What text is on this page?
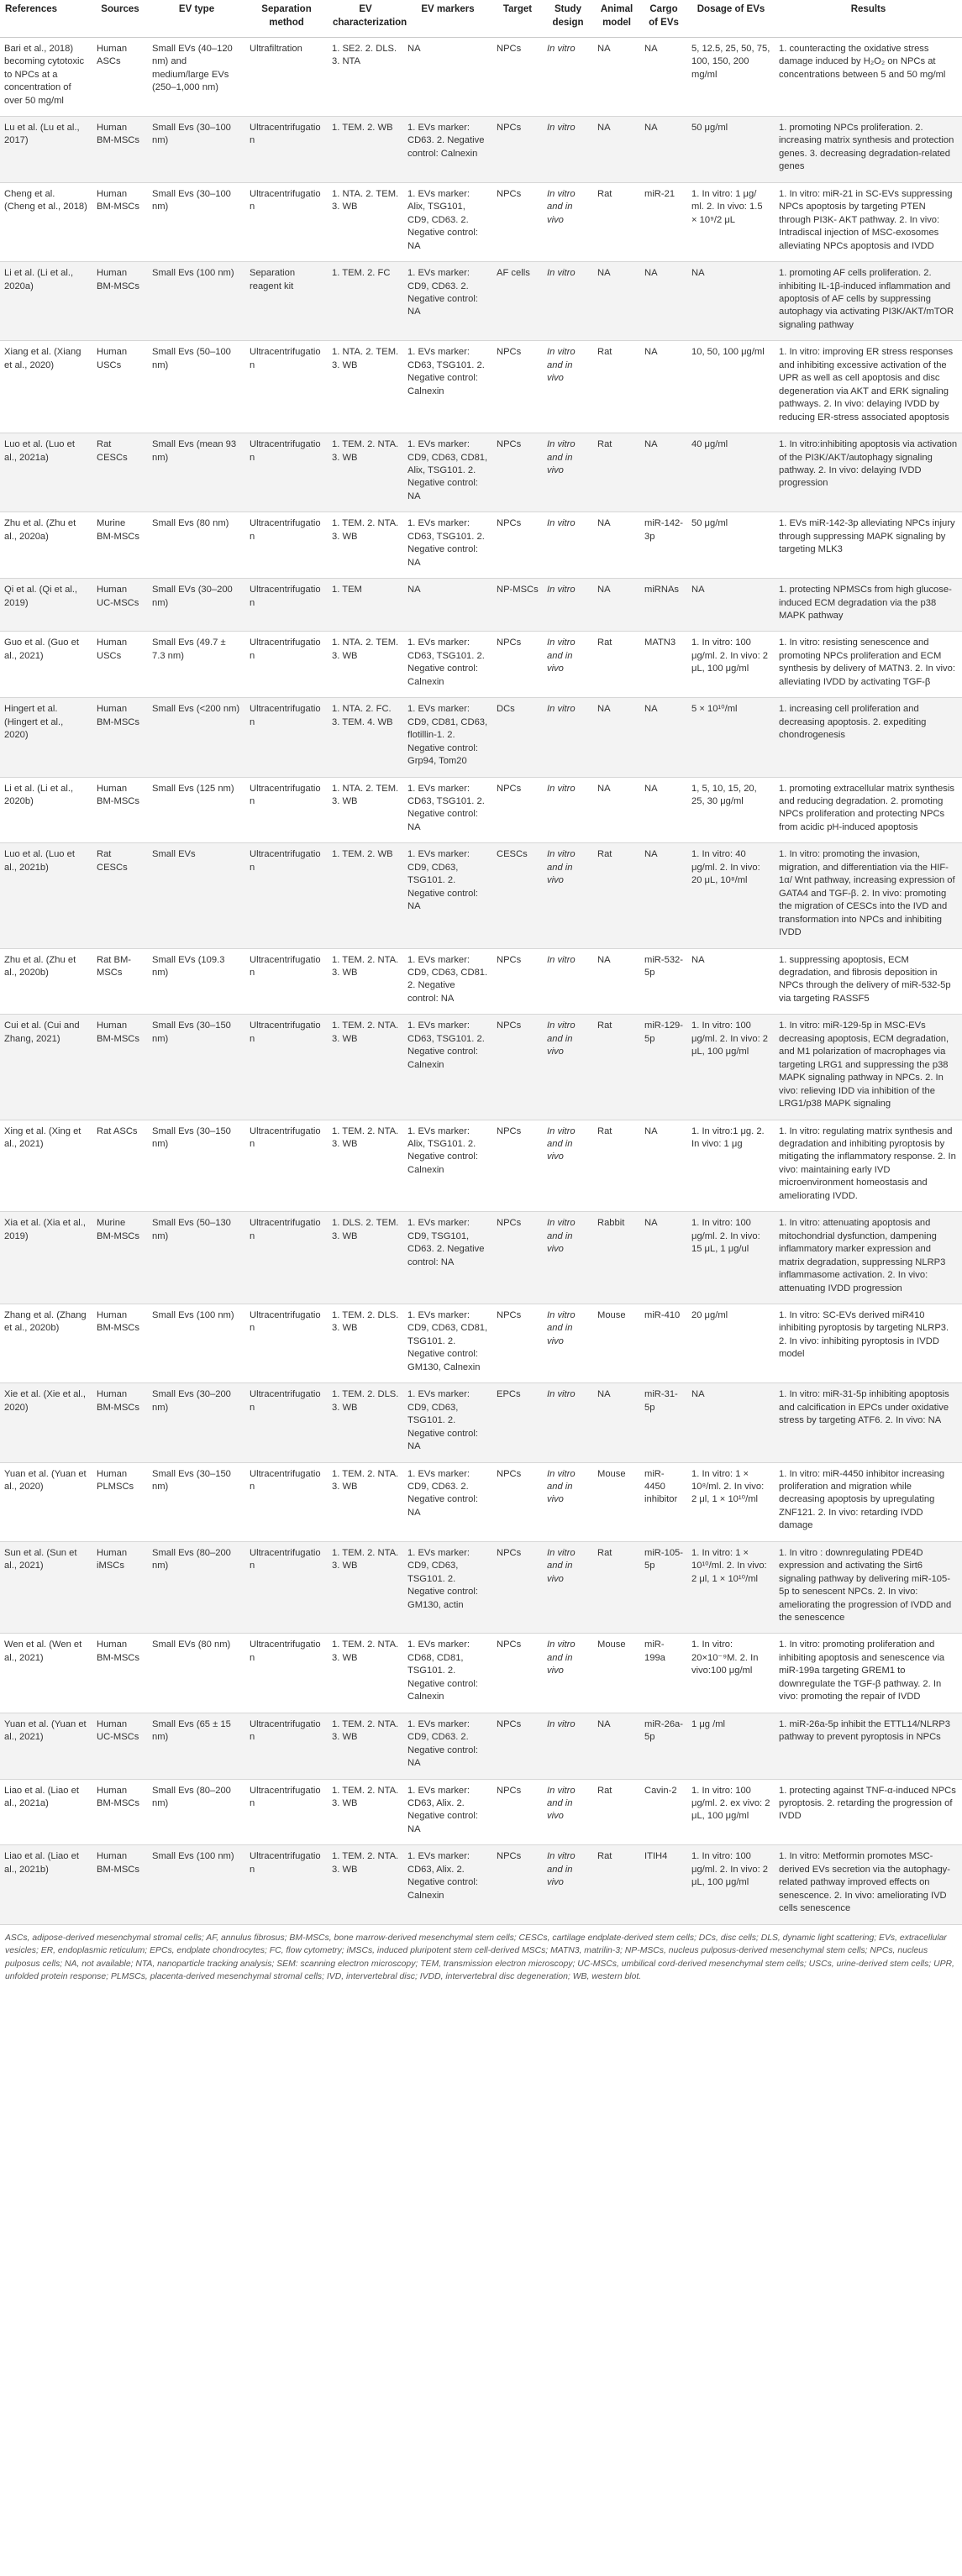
References	Sources	EV type	Separation method	EV characterization	EV markers	Target	Study design	Animal model	Cargo of EVs	Dosage of EVs	Results
Bari et al., 2018) becoming cytotoxic to NPCs at a concentration of over 50 mg/ml	Human ASCs	Small EVs (40–120 nm) and medium/large EVs (250–1,000 nm)	Ultrafiltration	1. SE2. 2. DLS. 3. NTA	NA	NPCs	In vitro	NA	NA	5, 12.5, 25, 50, 75, 100, 150, 200 mg/ml	1. counteracting the oxidative stress damage induced by H₂O₂ on NPCs at concentrations between 5 and 50 mg/ml
Lu et al. (Lu et al., 2017)	Human BM-MSCs	Small Evs (30–100 nm)	Ultracentrifugation	1. TEM. 2. WB	1. EVs marker: CD63. 2. Negative control: Calnexin	NPCs	In vitro	NA	NA	50 μg/ml	1. promoting NPCs proliferation. 2. increasing matrix synthesis and protection genes. 3. decreasing degradation-related genes
Cheng et al. (Cheng et al., 2018)	Human BM-MSCs	Small Evs (30–100 nm)	Ultracentrifugation	1. NTA. 2. TEM. 3. WB	1. EVs marker: Alix, TSG101, CD9, CD63. 2. Negative control: NA	NPCs	In vitro and in vivo	Rat	miR-21	1. In vitro: 1 μg/ ml. 2. In vivo: 1.5 × 10⁹/2 μL	1. In vitro: miR-21 in SC-EVs suppressing NPCs apoptosis by targeting PTEN through PI3K- AKT pathway. 2. In vivo: Intradiscal injection of MSC-exosomes alleviating NPCs apoptosis and IVDD
Li et al. (Li et al., 2020a)	Human BM-MSCs	Small Evs (100 nm)	Separation reagent kit	1. TEM. 2. FC	1. EVs marker: CD9, CD63. 2. Negative control: NA	AF cells	In vitro	NA	NA	NA	1. promoting AF cells proliferation. 2. inhibiting IL-1β-induced inflammation and apoptosis of AF cells by suppressing autophagy via activating PI3K/AKT/mTOR signaling pathway
Xiang et al. (Xiang et al., 2020)	Human USCs	Small Evs (50–100 nm)	Ultracentrifugation	1. NTA. 2. TEM. 3. WB	1. EVs marker: CD63, TSG101. 2. Negative control: Calnexin	NPCs	In vitro and in vivo	Rat	NA	10, 50, 100 μg/ml	1. In vitro: improving ER stress responses and inhibiting excessive activation of the UPR as well as cell apoptosis and disc degeneration via AKT and ERK signaling pathways. 2. In vivo: delaying IVDD by reducing ER-stress associated apoptosis
Luo et al. (Luo et al., 2021a)	Rat CESCs	Small Evs (mean 93 nm)	Ultracentrifugation	1. TEM. 2. NTA. 3. WB	1. EVs marker: CD9, CD63, CD81, Alix, TSG101. 2. Negative control: NA	NPCs	In vitro and in vivo	Rat	NA	40 μg/ml	1. In vitro:inhibiting apoptosis via activation of the PI3K/AKT/autophagy signaling pathway. 2. In vivo: delaying IVDD progression
Zhu et al. (Zhu et al., 2020a)	Murine BM-MSCs	Small Evs (80 nm)	Ultracentrifugation	1. TEM. 2. NTA. 3. WB	1. EVs marker: CD63, TSG101. 2. Negative control: NA	NPCs	In vitro	NA	miR-142-3p	50 μg/ml	1. EVs miR-142-3p alleviating NPCs injury through suppressing MAPK signaling by targeting MLK3
Qi et al. (Qi et al., 2019)	Human UC-MSCs	Small EVs (30–200 nm)	Ultracentrifugation	1. TEM	NA	NP-MSCs	In vitro	NA	miRNAs	NA	1. protecting NPMSCs from high glucose-induced ECM degradation via the p38 MAPK pathway
Guo et al. (Guo et al., 2021)	Human USCs	Small Evs (49.7 ± 7.3 nm)	Ultracentrifugation	1. NTA. 2. TEM. 3. WB	1. EVs marker: CD63, TSG101. 2. Negative control: Calnexin	NPCs	In vitro and in vivo	Rat	MATN3	1. In vitro: 100 μg/ml. 2. In vivo: 2 μL, 100 μg/ml	1. In vitro: resisting senescence and promoting NPCs proliferation and ECM synthesis by delivery of MATN3. 2. In vivo: alleviating IVDD by activating TGF-β
Hingert et al. (Hingert et al., 2020)	Human BM-MSCs	Small Evs (<200 nm)	Ultracentrifugation	1. NTA. 2. FC. 3. TEM. 4. WB	1. EVs marker: CD9, CD81, CD63, flotillin-1. 2. Negative control: Grp94, Tom20	DCs	In vitro	NA	NA	5 × 10¹⁰/ml	1. increasing cell proliferation and decreasing apoptosis. 2. expediting chondrogenesis
Li et al. (Li et al., 2020b)	Human BM-MSCs	Small Evs (125 nm)	Ultracentrifugation	1. NTA. 2. TEM. 3. WB	1. EVs marker: CD63, TSG101. 2. Negative control: NA	NPCs	In vitro	NA	NA	1, 5, 10, 15, 20, 25, 30 μg/ml	1. promoting extracellular matrix synthesis and reducing degradation. 2. promoting NPCs proliferation and protecting NPCs from acidic pH-induced apoptosis
Luo et al. (Luo et al., 2021b)	Rat CESCs	Small EVs	Ultracentrifugation	1. TEM. 2. WB	1. EVs marker: CD9, CD63, TSG101. 2. Negative control: NA	CESCs	In vitro and in vivo	Rat	NA	1. In vitro: 40 μg/ml. 2. In vivo: 20 μL, 10⁸/ml	1. In vitro: promoting the invasion, migration, and differentiation via the HIF-1α/ Wnt pathway, increasing expression of GATA4 and TGF-β. 2. In vivo: promoting the migration of CESCs into the IVD and transformation into NPCs and inhibiting IVDD
Zhu et al. (Zhu et al., 2020b)	Rat BM-MSCs	Small EVs (109.3 nm)	Ultracentrifugation	1. TEM. 2. NTA. 3. WB	1. EVs marker: CD9, CD63, CD81. 2. Negative control: NA	NPCs	In vitro	NA	miR-532-5p	NA	1. suppressing apoptosis, ECM degradation, and fibrosis deposition in NPCs through the delivery of miR-532-5p via targeting RASSF5
Cui et al. (Cui and Zhang, 2021)	Human BM-MSCs	Small Evs (30–150 nm)	Ultracentrifugation	1. TEM. 2. NTA. 3. WB	1. EVs marker: CD63, TSG101. 2. Negative control: Calnexin	NPCs	In vitro and in vivo	Rat	miR-129-5p	1. In vitro: 100 μg/ml. 2. In vivo: 2 μL, 100 μg/ml	1. In vitro: miR-129-5p in MSC-EVs decreasing apoptosis, ECM degradation, and M1 polarization of macrophages via targeting LRG1 and suppressing the p38 MAPK signaling pathway in NPCs. 2. In vivo: relieving IDD via inhibition of the LRG1/p38 MAPK signaling
Xing et al. (Xing et al., 2021)	Rat ASCs	Small Evs (30–150 nm)	Ultracentrifugation	1. TEM. 2. NTA. 3. WB	1. EVs marker: Alix, TSG101. 2. Negative control: Calnexin	NPCs	In vitro and in vivo	Rat	NA	1. In vitro:1 μg. 2. In vivo: 1 μg	1. In vitro: regulating matrix synthesis and degradation and inhibiting pyroptosis by mitigating the inflammatory response. 2. In vivo: maintaining early IVD microenvironment homeostasis and ameliorating IVDD.
Xia et al. (Xia et al., 2019)	Murine BM-MSCs	Small Evs (50–130 nm)	Ultracentrifugation	1. DLS. 2. TEM. 3. WB	1. EVs marker: CD9, TSG101, CD63. 2. Negative control: NA	NPCs	In vitro and in vivo	Rabbit	NA	1. In vitro: 100 μg/ml. 2. In vivo: 15 μL, 1 μg/ul	1. In vitro: attenuating apoptosis and mitochondrial dysfunction, dampening inflammatory marker expression and matrix degradation, suppressing NLRP3 inflammasome activation. 2. In vivo: attenuating IVDD progression
Zhang et al. (Zhang et al., 2020b)	Human BM-MSCs	Small Evs (100 nm)	Ultracentrifugation	1. TEM. 2. DLS. 3. WB	1. EVs marker: CD9, CD63, CD81, TSG101. 2. Negative control: GM130, Calnexin	NPCs	In vitro and in vivo	Mouse	miR-410	20 μg/ml	1. In vitro: SC-EVs derived miR410 inhibiting pyroptosis by targeting NLRP3. 2. In vivo: inhibiting pyroptosis in IVDD model
Xie et al. (Xie et al., 2020)	Human BM-MSCs	Small Evs (30–200 nm)	Ultracentrifugation	1. TEM. 2. DLS. 3. WB	1. EVs marker: CD9, CD63, TSG101. 2. Negative control: NA	EPCs	In vitro	NA	miR-31-5p	NA	1. In vitro: miR-31-5p inhibiting apoptosis and calcification in EPCs under oxidative stress by targeting ATF6. 2. In vivo: NA
Yuan et al. (Yuan et al., 2020)	Human PLMSCs	Small Evs (30–150 nm)	Ultracentrifugation	1. TEM. 2. NTA. 3. WB	1. EVs marker: CD9, CD63. 2. Negative control: NA	NPCs	In vitro and in vivo	Mouse	miR-4450 inhibitor	1. In vitro: 1 × 10⁸/ml. 2. In vivo: 2 μl, 1 × 10¹⁰/ml	1. In vitro: miR-4450 inhibitor increasing proliferation and migration while decreasing apoptosis by upregulating ZNF121. 2. In vivo: retarding IVDD damage
Sun et al. (Sun et al., 2021)	Human iMSCs	Small Evs (80–200 nm)	Ultracentrifugation	1. TEM. 2. NTA. 3. WB	1. EVs marker: CD9, CD63, TSG101. 2. Negative control: GM130, actin	NPCs	In vitro and in vivo	Rat	miR-105-5p	1. In vitro: 1 × 10¹⁰/ml. 2. In vivo: 2 μl, 1 × 10¹⁰/ml	1. In vitro : downregulating PDE4D expression and activating the Sirt6 signaling pathway by delivering miR-105-5p to senescent NPCs. 2. In vivo: ameliorating the progression of IVDD and the senescence
Wen et al. (Wen et al., 2021)	Human BM-MSCs	Small EVs (80 nm)	Ultracentrifugation	1. TEM. 2. NTA. 3. WB	1. EVs marker: CD68, CD81, TSG101. 2. Negative control: Calnexin	NPCs	In vitro and in vivo	Mouse	miR-199a	1. In vitro: 20×10⁻⁹M. 2. In vivo:100 μg/ml	1. In vitro: promoting proliferation and inhibiting apoptosis and senescence via miR-199a targeting GREM1 to downregulate the TGF-β pathway. 2. In vivo: promoting the repair of IVDD
Yuan et al. (Yuan et al., 2021)	Human UC-MSCs	Small Evs (65 ± 15 nm)	Ultracentrifugation	1. TEM. 2. NTA. 3. WB	1. EVs marker: CD9, CD63. 2. Negative control: NA	NPCs	In vitro	NA	miR-26a-5p	1 μg /ml	1. miR-26a-5p inhibit the ETTL14/NLRP3 pathway to prevent pyroptosis in NPCs
Liao et al. (Liao et al., 2021a)	Human BM-MSCs	Small Evs (80–200 nm)	Ultracentrifugation	1. TEM. 2. NTA. 3. WB	1. EVs marker: CD63, Alix. 2. Negative control: NA	NPCs	In vitro and in vivo	Rat	Cavin-2	1. In vitro: 100 μg/ml. 2. ex vivo: 2 μL, 100 μg/ml	1. protecting against TNF-α-induced NPCs pyroptosis. 2. retarding the progression of IVDD
Liao et al. (Liao et al., 2021b)	Human BM-MSCs	Small Evs (100 nm)	Ultracentrifugation	1. TEM. 2. NTA. 3. WB	1. EVs marker: CD63, Alix. 2. Negative control: Calnexin	NPCs	In vitro and in vivo	Rat	ITIH4	1. In vitro: 100 μg/ml. 2. In vivo: 2 μL, 100 μg/ml	1. In vitro: Metformin promotes MSC-derived EVs secretion via the autophagy-related pathway improved effects on senescence. 2. In vivo: ameliorating IVD cells senescence
ASCs, adipose-derived mesenchymal stromal cells; AF, annulus fibrosus; BM-MSCs, bone marrow-derived mesenchymal stem cells; CESCs, cartilage endplate-derived stem cells; DCs, disc cells; DLS, dynamic light scattering; EVs, extracellular vesicles; ER, endoplasmic reticulum; EPCs, endplate chondrocytes; FC, flow cytometry; iMSCs, induced pluripotent stem cell-derived MSCs; MATN3, matrilin-3; NP-MSCs, nucleus pulposus-derived mesenchymal stem cells; NPCs, nucleus pulposus cells; NA, not available; NTA, nanoparticle tracking analysis; SEM: scanning electron microscopy; TEM, transmission electron microscopy; UC-MSCs, umbilical cord-derived mesenchymal stem cells; USCs, urine-derived stem cells; UPR, unfolded protein response; PLMSCs, placenta-derived mesenchymal stromal cells; IVD, intervertebral disc; IVDD, intervertebral disc degeneration; WB, western blot.
